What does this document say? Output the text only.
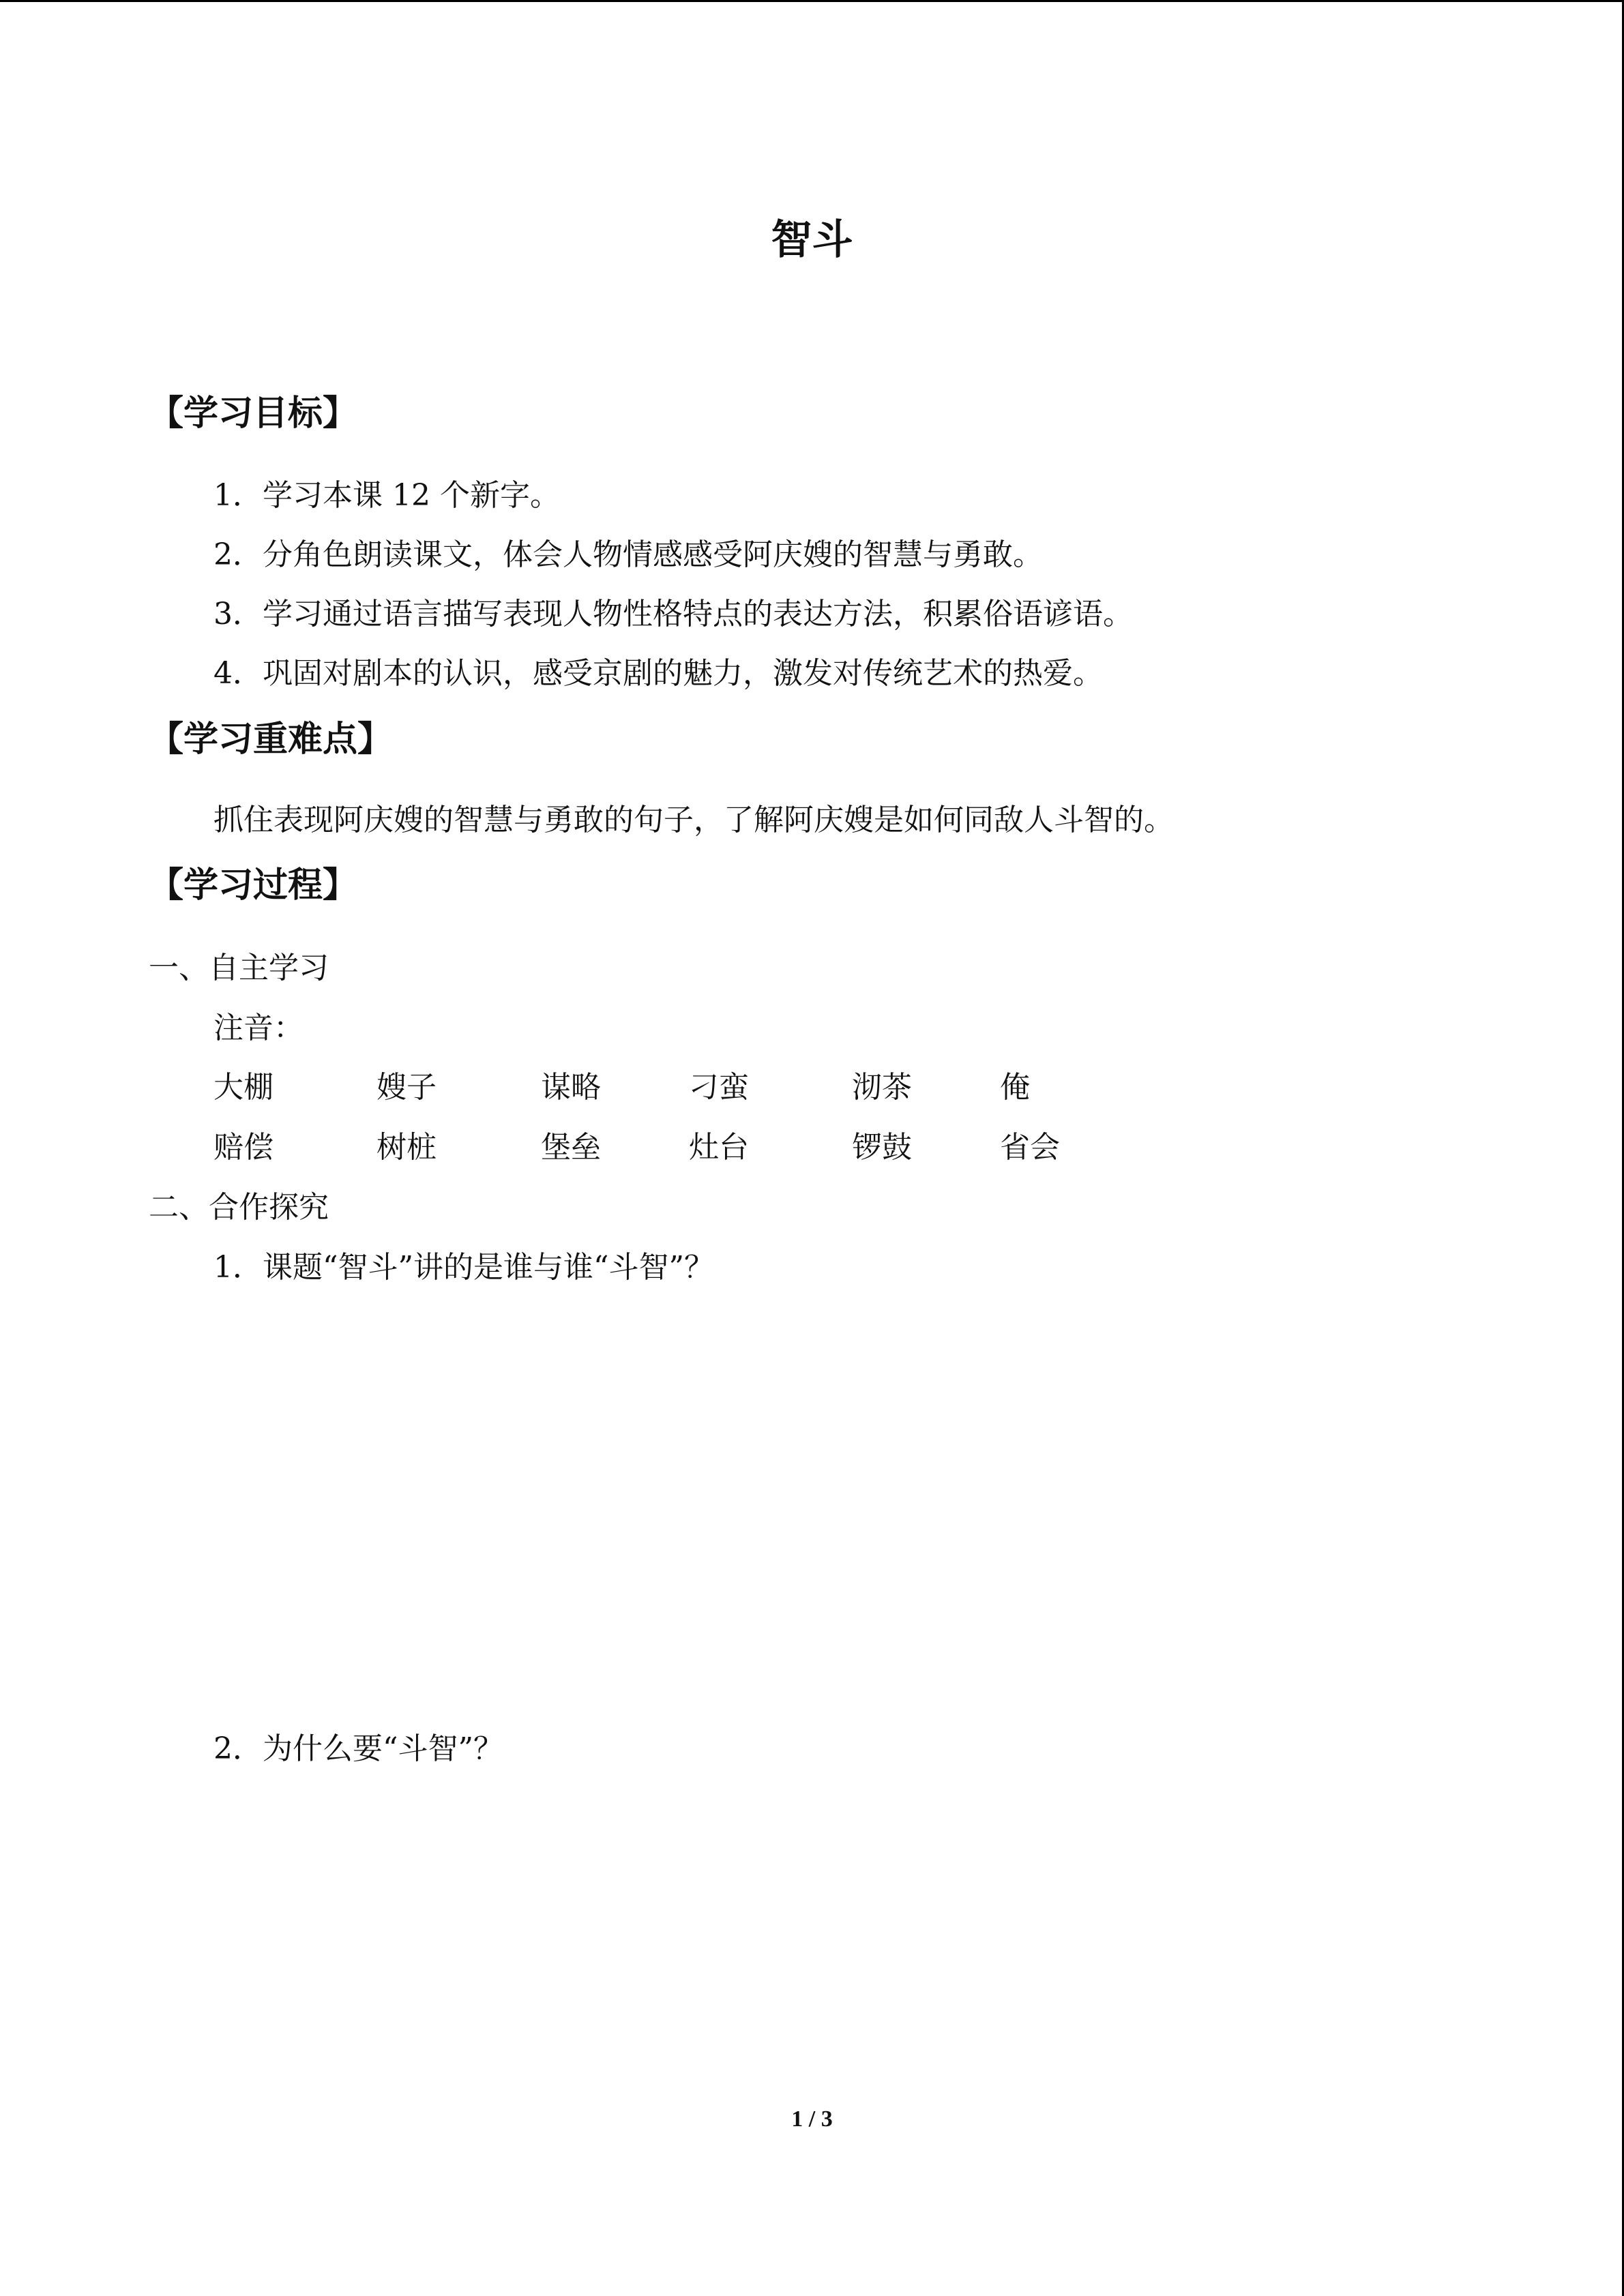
智斗
【学习目标】
1．学习本课 12 个新字。
2．分角色朗读课文，体会人物情感感受阿庆嫂的智慧与勇敢。
3．学习通过语言描写表现人物性格特点的表达方法，积累俗语谚语。
4．巩固对剧本的认识，感受京剧的魅力，激发对传统艺术的热爱。
【学习重难点】
抓住表现阿庆嫂的智慧与勇敢的句子，了解阿庆嫂是如何同敌人斗智的。
【学习过程】
一、自主学习
注音：
大棚	嫂子	谋略	刁蛮	沏茶	俺
赔偿	树桩	堡垒	灶台	锣鼓	省会
二、合作探究
1．课题“智斗”讲的是谁与谁“斗智”？
2．为什么要“斗智”？
1 / 3
